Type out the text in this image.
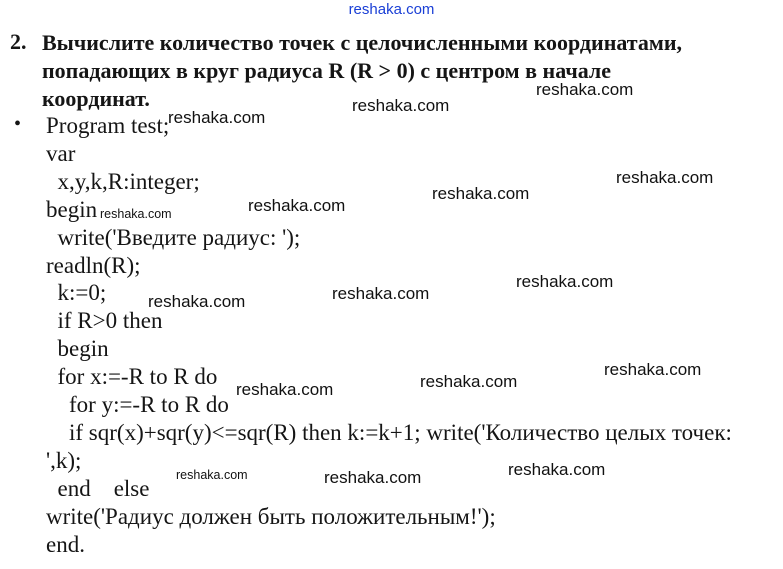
reshaka.com
2. Вычислите количество точек с целочисленными координатами,
попадающих в круг радиуса R (R > 0) с центром в начале
координат.
• Program test;
var
x,y,k,R:integer;
begin
write('Введите радиус: ');
readln(R);
k:=0;
if R>0 then
begin
for x:=-R to R do
for y:=-R to R do
if sqr(x)+sqr(y)<=sqr(R) then k:=k+1; write('Количество целых точек:
',k);
end    else
write('Радиус должен быть положительным!');
end.
reshaka.com
reshaka.com
reshaka.com
reshaka.com
reshaka.com
reshaka.com
reshaka.com
reshaka.com
reshaka.com
reshaka.com
reshaka.com
reshaka.com
reshaka.com
reshaka.com
reshaka.com
reshaka.com
